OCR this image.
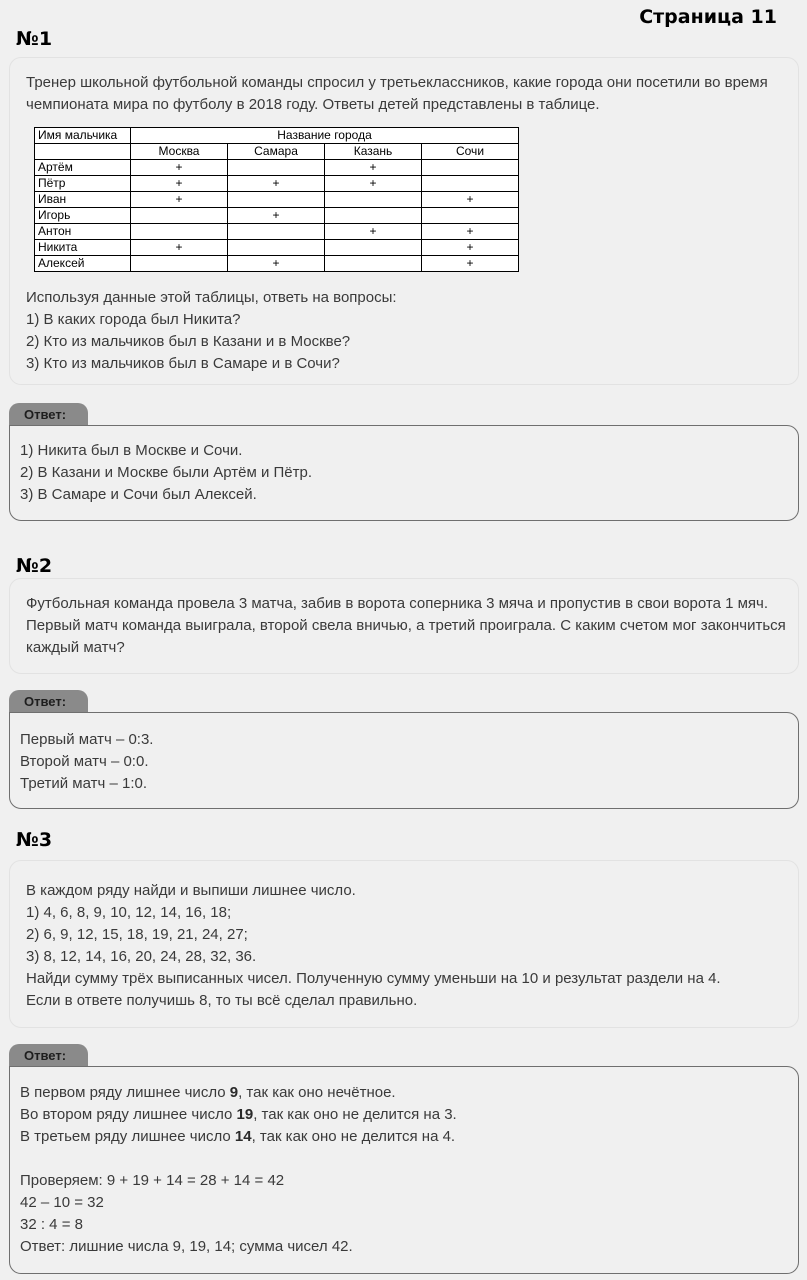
Страница 11
№1

Тренер школьной футбольной команды спросил у третьеклассников, какие города они посетили во время чемпионата мира по футболу в 2018 году. Ответы детей представлены в таблице.

Имя мальчика	Название города			
	Москва	Самара	Казань	Сочи
Артём	+		+	
Пётр	+	+	+	
Иван	+			+
Игорь		+		
Антон			+	+
Никита	+			+
Алексей		+		+

Используя данные этой таблицы, ответь на вопросы:

1) В каких города был Никита?

2) Кто из мальчиков был в Казани и в Москве?

3) Кто из мальчиков был в Самаре и в Сочи?

Ответ:

1) Никита был в Москве и Сочи.

2) В Казани и Москве были Артём и Пётр.

3) В Самаре и Сочи был Алексей.

№2

Футбольная команда провела 3 матча, забив в ворота соперника 3 мяча и пропустив в свои ворота 1 мяч. Первый матч команда выиграла, второй свела вничью, а третий проиграла. С каким счетом мог закончиться каждый матч?

Ответ:

Первый матч – 0:3.

Второй матч – 0:0.

Третий матч – 1:0.

№3

В каждом ряду найди и выпиши лишнее число.

1) 4, 6, 8, 9, 10, 12, 14, 16, 18;

2) 6, 9, 12, 15, 18, 19, 21, 24, 27;

3) 8, 12, 14, 16, 20, 24, 28, 32, 36.

Найди сумму трёх выписанных чисел. Полученную сумму уменьши на 10 и результат раздели на 4.

Если в ответе получишь 8, то ты всё сделал правильно.

Ответ:

В первом ряду лишнее число 9, так как оно нечётное.

Во втором ряду лишнее число 19, так как оно не делится на 3.

В третьем ряду лишнее число 14, так как оно не делится на 4.

Проверяем: 9 + 19 + 14 = 28 + 14 = 42

42 – 10 = 32

32 : 4 = 8

Ответ: лишние числа 9, 19, 14; сумма чисел 42.
